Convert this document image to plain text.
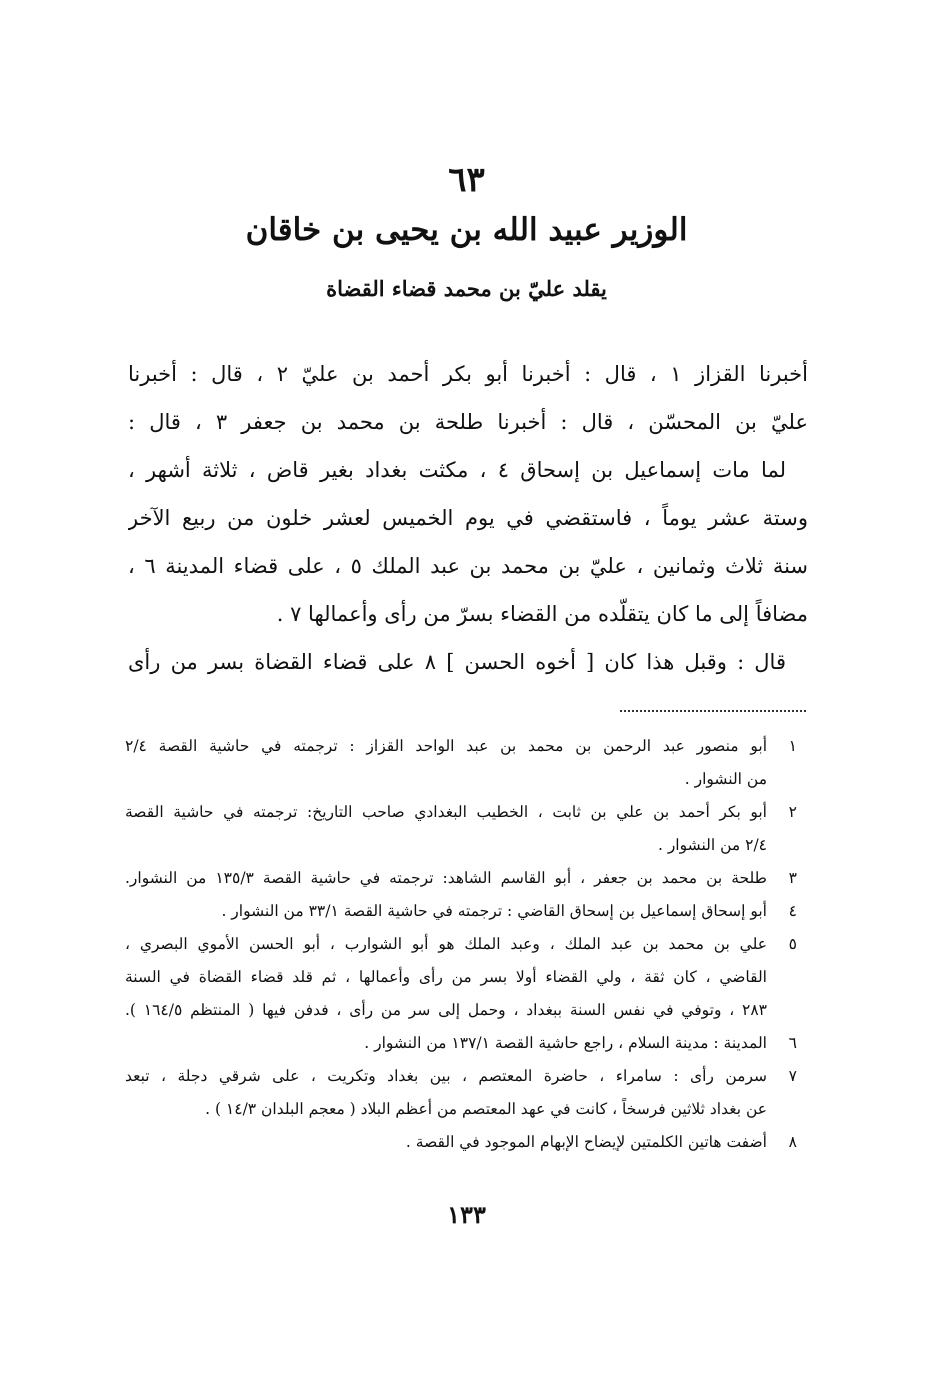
٦٣
الوزير عبيد الله بن يحيى بن خاقان
يقلد عليّ بن محمد قضاء القضاة
أخبرنا القزاز ١ ، قال : أخبرنا أبو بكر أحمد بن عليّ ٢ ، قال : أخبرنا
عليّ بن المحسّن ، قال : أخبرنا طلحة بن محمد بن جعفر ٣ ، قال :
لما مات إسماعيل بن إسحاق ٤ ، مكثت بغداد بغير قاض ، ثلاثة أشهر ،
وستة عشر يوماً ، فاستقضي في يوم الخميس لعشر خلون من ربيع الآخر
سنة ثلاث وثمانين ، عليّ بن محمد بن عبد الملك ٥ ، على قضاء المدينة ٦ ،
مضافاً إلى ما كان يتقلّده من القضاء بسرّ من رأى وأعمالها ٧ .
قال : وقبل هذا كان [ أخوه الحسن ] ٨ على قضاء القضاة بسر من رأى
١
أبو منصور عبد الرحمن بن محمد بن عبد الواحد القزاز : ترجمته في حاشية القصة ٢/٤
من النشوار .
٢
أبو بكر أحمد بن علي بن ثابت ، الخطيب البغدادي صاحب التاريخ: ترجمته في حاشية القصة
٢/٤ من النشوار .
٣
طلحة بن محمد بن جعفر ، أبو القاسم الشاهد: ترجمته في حاشية القصة ١٣٥/٣ من النشوار.
٤
أبو إسحاق إسماعيل بن إسحاق القاضي : ترجمته في حاشية القصة ٣٣/١ من النشوار .
٥
علي بن محمد بن عبد الملك ، وعبد الملك هو أبو الشوارب ، أبو الحسن الأموي البصري ،
القاضي ، كان ثقة ، ولي القضاء أولا بسر من رأى وأعمالها ، ثم قلد قضاء القضاة في السنة
٢٨٣ ، وتوفي في نفس السنة ببغداد ، وحمل إلى سر من رأى ، فدفن فيها ( المنتظم ١٦٤/٥ ).
٦
المدينة : مدينة السلام ، راجع حاشية القصة ١٣٧/١ من النشوار .
٧
سرمن رأى : سامراء ، حاضرة المعتصم ، بين بغداد وتكريت ، على شرقي دجلة ، تبعد
عن بغداد ثلاثين فرسخاً ، كانت في عهد المعتصم من أعظم البلاد ( معجم البلدان ١٤/٣ ) .
٨
أضفت هاتين الكلمتين لإيضاح الإبهام الموجود في القصة .
١٣٣
